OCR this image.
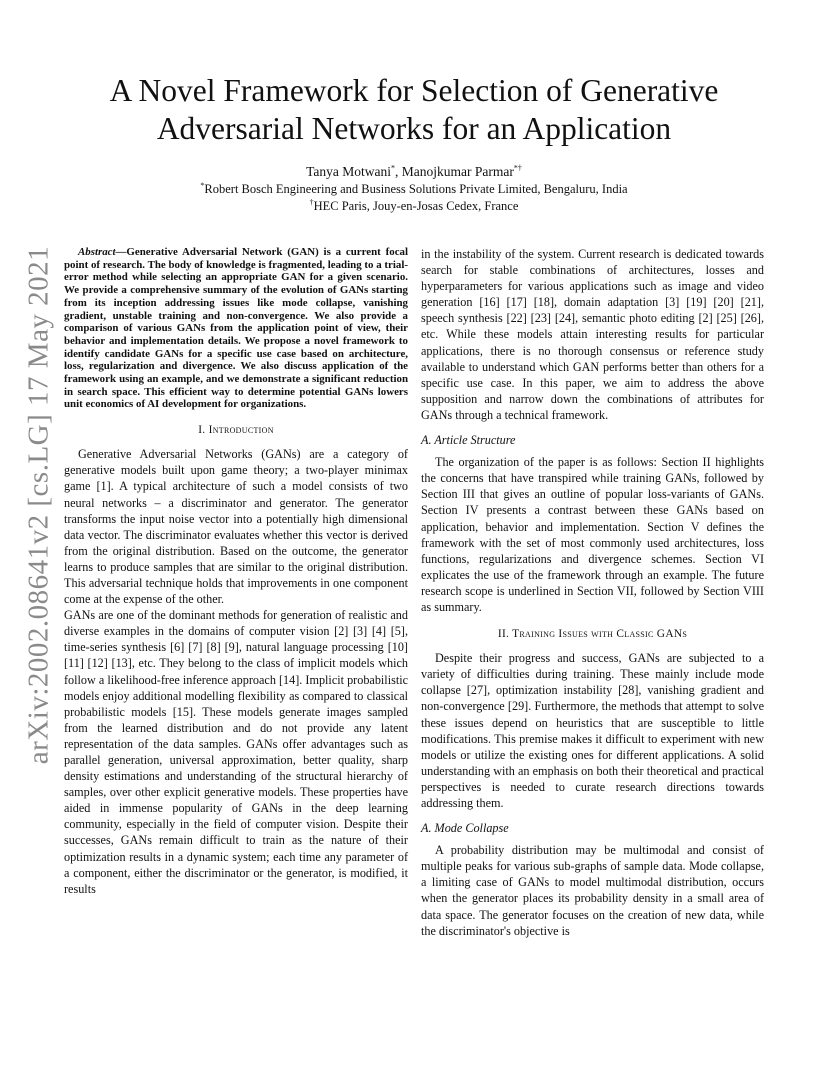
arXiv:2002.08641v2 [cs.LG] 17 May 2021
A Novel Framework for Selection of Generative Adversarial Networks for an Application
Tanya Motwani*, Manojkumar Parmar*†
*Robert Bosch Engineering and Business Solutions Private Limited, Bengaluru, India
†HEC Paris, Jouy-en-Josas Cedex, France

Abstract—Generative Adversarial Network (GAN) is a current focal point of research. The body of knowledge is fragmented, leading to a trial-error method while selecting an appropriate GAN for a given scenario. We provide a comprehensive summary of the evolution of GANs starting from its inception addressing issues like mode collapse, vanishing gradient, unstable training and non-convergence. We also provide a comparison of various GANs from the application point of view, their behavior and implementation details. We propose a novel framework to identify candidate GANs for a specific use case based on architecture, loss, regularization and divergence. We also discuss application of the framework using an example, and we demonstrate a significant reduction in search space. This efficient way to determine potential GANs lowers unit economics of AI development for organizations.

I. Introduction

Generative Adversarial Networks (GANs) are a category of generative models built upon game theory; a two-player minimax game [1]. A typical architecture of such a model consists of two neural networks – a discriminator and generator. The generator transforms the input noise vector into a potentially high dimensional data vector. The discriminator evaluates whether this vector is derived from the original distribution. Based on the outcome, the generator learns to produce samples that are similar to the original distribution. This adversarial technique holds that improvements in one component come at the expense of the other.

GANs are one of the dominant methods for generation of realistic and diverse examples in the domains of computer vision [2] [3] [4] [5], time-series synthesis [6] [7] [8] [9], natural language processing [10] [11] [12] [13], etc. They belong to the class of implicit models which follow a likelihood-free inference approach [14]. Implicit probabilistic models enjoy additional modelling flexibility as compared to classical probabilistic models [15]. These models generate images sampled from the learned distribution and do not provide any latent representation of the data samples. GANs offer advantages such as parallel generation, universal approximation, better quality, sharp density estimations and understanding of the structural hierarchy of samples, over other explicit generative models. These properties have aided in immense popularity of GANs in the deep learning community, especially in the field of computer vision. Despite their successes, GANs remain difficult to train as the nature of their optimization results in a dynamic system; each time any parameter of a component, either the discriminator or the generator, is modified, it results

in the instability of the system. Current research is dedicated towards search for stable combinations of architectures, losses and hyperparameters for various applications such as image and video generation [16] [17] [18], domain adaptation [3] [19] [20] [21], speech synthesis [22] [23] [24], semantic photo editing [2] [25] [26], etc. While these models attain interesting results for particular applications, there is no thorough consensus or reference study available to understand which GAN performs better than others for a specific use case. In this paper, we aim to address the above supposition and narrow down the combinations of attributes for GANs through a technical framework.

A. Article Structure

The organization of the paper is as follows: Section II highlights the concerns that have transpired while training GANs, followed by Section III that gives an outline of popular loss-variants of GANs. Section IV presents a contrast between these GANs based on application, behavior and implementation. Section V defines the framework with the set of most commonly used architectures, loss functions, regularizations and divergence schemes. Section VI explicates the use of the framework through an example. The future research scope is underlined in Section VII, followed by Section VIII as summary.

II. Training Issues with Classic GANs

Despite their progress and success, GANs are subjected to a variety of difficulties during training. These mainly include mode collapse [27], optimization instability [28], vanishing gradient and non-convergence [29]. Furthermore, the methods that attempt to solve these issues depend on heuristics that are susceptible to little modifications. This premise makes it difficult to experiment with new models or utilize the existing ones for different applications. A solid understanding with an emphasis on both their theoretical and practical perspectives is needed to curate research directions towards addressing them.

A. Mode Collapse

A probability distribution may be multimodal and consist of multiple peaks for various sub-graphs of sample data. Mode collapse, a limiting case of GANs to model multimodal distribution, occurs when the generator places its probability density in a small area of data space. The generator focuses on the creation of new data, while the discriminator's objective is
